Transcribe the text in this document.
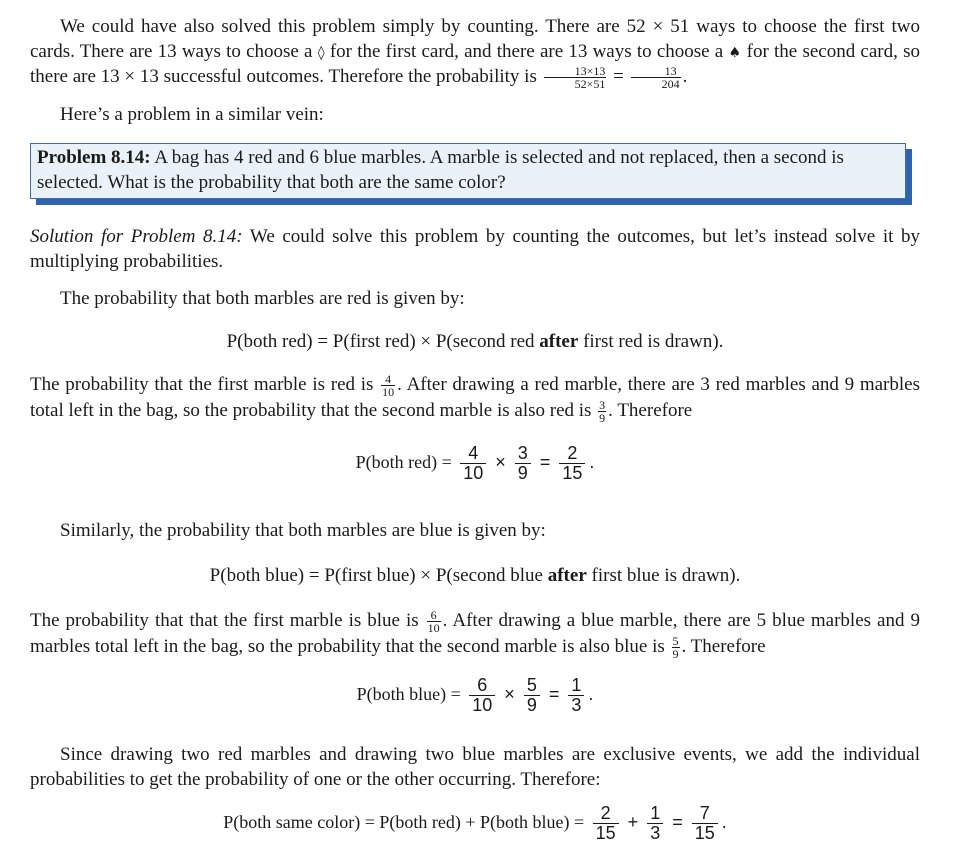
We could have also solved this problem simply by counting. There are 52 × 51 ways to choose the first two cards. There are 13 ways to choose a ◊ for the first card, and there are 13 ways to choose a ♠ for the second card, so there are 13 × 13 successful outcomes. Therefore the probability is $\frac{13\times 13}{52\times 51} = \frac{13}{204}$ .

Here’s a problem in a similar vein:

Problem 8.14: A bag has 4 red and 6 blue marbles. A marble is selected and not replaced, then a second is selected. What is the probability that both are the same color?

Solution for Problem 8.14: We could solve this problem by counting the outcomes, but let’s instead solve it by multiplying probabilities.

The probability that both marbles are red is given by:

P(both red) = P(first red) × P(second red after first red is drawn).

The probability that the first marble is red is $\frac{4}{10}$ . After drawing a red marble, there are 3 red marbles and 9 marbles total left in the bag, so the probability that the second marble is also red is $\frac{3}{9}$ . Therefore

P(both $red) = \frac{4}{10} \times \frac{3}{9} = \frac{2}{15}$ .

Similarly, the probability that both marbles are blue is given by:

P(both blue) = P(first blue) × P(second blue after first blue is drawn).

The probability that that the first marble is blue is $\frac{6}{10}$ . After drawing a blue marble, there are 5 blue marbles and 9 marbles total left in the bag, so the probability that the second marble is also blue is $\frac{5}{9}$ . Therefore

P(both blue) = $\frac{6}{10} \times \frac{5}{9} = \frac{1}{3}$ .

Since drawing two red marbles and drawing two blue marbles are exclusive events, we add the individual probabilities to get the probability of one or the other occurring. Therefore:

P(both same color) = P(both red) + P(both blue) = $\frac{2}{15} + \frac{1}{3} = \frac{7}{15}$ .
